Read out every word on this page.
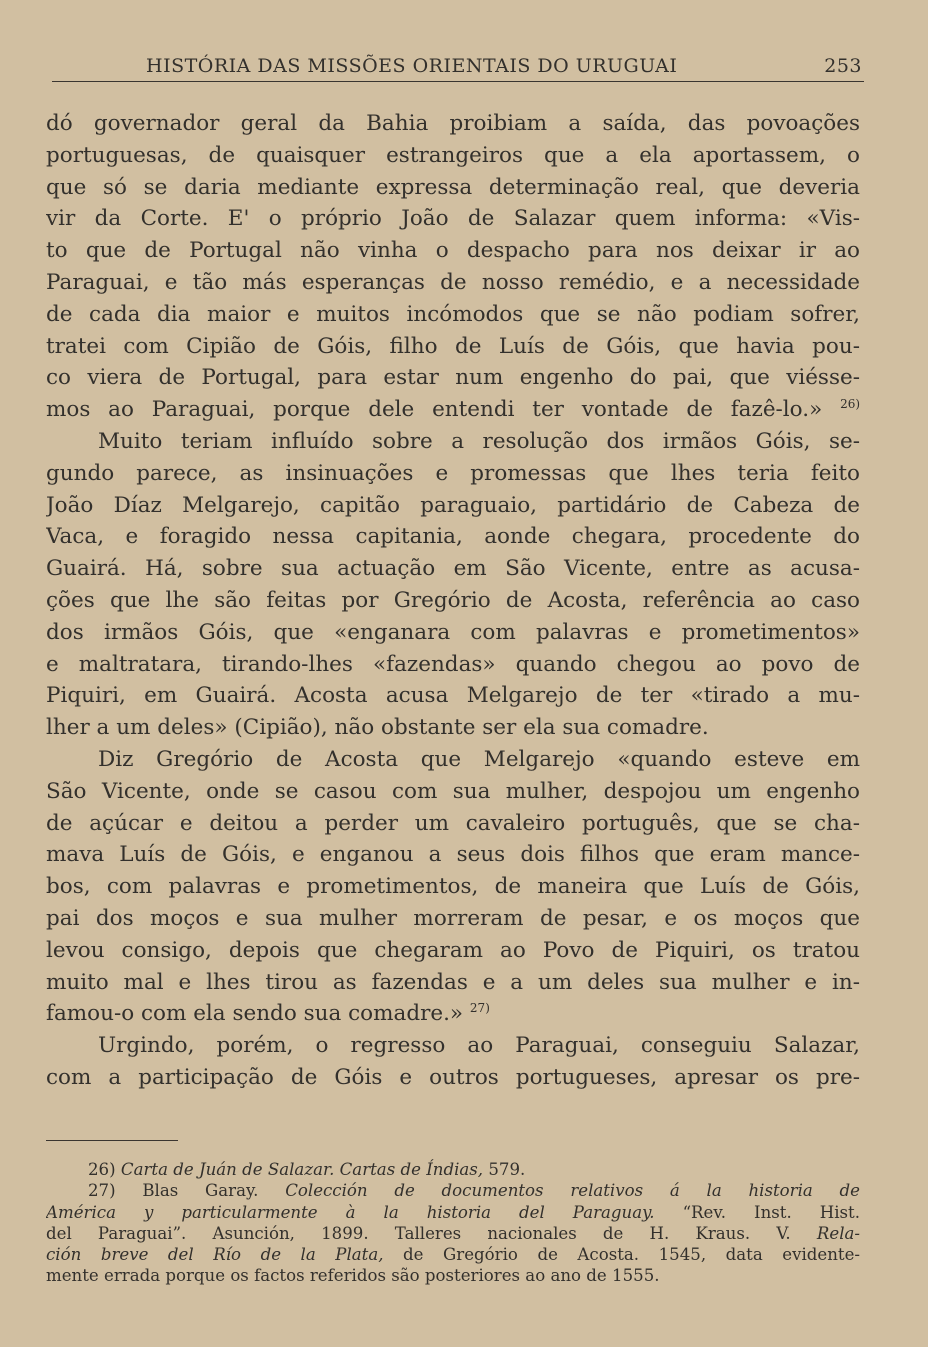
HISTÓRIA DAS MISSÕES ORIENTAIS DO URUGUAI	253
dó governador geral da Bahia proibiam a saída, das povoações
portuguesas, de quaisquer estrangeiros que a ela aportassem, o
que só se daria mediante expressa determinação real, que deveria
vir da Corte. E' o próprio João de Salazar quem informa: «Vis-
to que de Portugal não vinha o despacho para nos deixar ir ao
Paraguai, e tão más esperanças de nosso remédio, e a necessidade
de cada dia maior e muitos incómodos que se não podiam sofrer,
tratei com Cipião de Góis, filho de Luís de Góis, que havia pou-
co viera de Portugal, para estar num engenho do pai, que viésse-
mos ao Paraguai, porque dele entendi ter vontade de fazê-lo.» $^{26)}$
Muito teriam influído sobre a resolução dos irmãos Góis, se-
gundo parece, as insinuações e promessas que lhes teria feito
João Díaz Melgarejo, capitão paraguaio, partidário de Cabeza de
Vaca, e foragido nessa capitania, aonde chegara, procedente do
Guairá. Há, sobre sua actuação em São Vicente, entre as acusa-
ções que lhe são feitas por Gregório de Acosta, referência ao caso
dos irmãos Góis, que «enganara com palavras e prometimentos»
e maltratara, tirando-lhes «fazendas» quando chegou ao povo de
Piquiri, em Guairá. Acosta acusa Melgarejo de ter «tirado a mu-
lher a um deles» (Cipião), não obstante ser ela sua comadre.
Diz Gregório de Acosta que Melgarejo «quando esteve em
São Vicente, onde se casou com sua mulher, despojou um engenho
de açúcar e deitou a perder um cavaleiro português, que se cha-
mava Luís de Góis, e enganou a seus dois filhos que eram mance-
bos, com palavras e prometimentos, de maneira que Luís de Góis,
pai dos moços e sua mulher morreram de pesar, e os moços que
levou consigo, depois que chegaram ao Povo de Piquiri, os tratou
muito mal e lhes tirou as fazendas e a um deles sua mulher e in-
famou-o com ela sendo sua comadre.» $^{27)}$
Urgindo, porém, o regresso ao Paraguai, conseguiu Salazar,
com a participação de Góis e outros portugueses, apresar os pre-
26) Carta de Juán de Salazar. Cartas de Índias, 579.
27) Blas Garay. Colección de documentos relativos á la historia de
América y particularmente à la historia del Paraguay. “Rev. Inst. Hist.
del Paraguai”. Asunción, 1899. Talleres nacionales de H. Kraus. V. Rela-
ción breve del Río de la Plata, de Gregório de Acosta. 1545, data evidente-
mente errada porque os factos referidos são posteriores ao ano de 1555.
